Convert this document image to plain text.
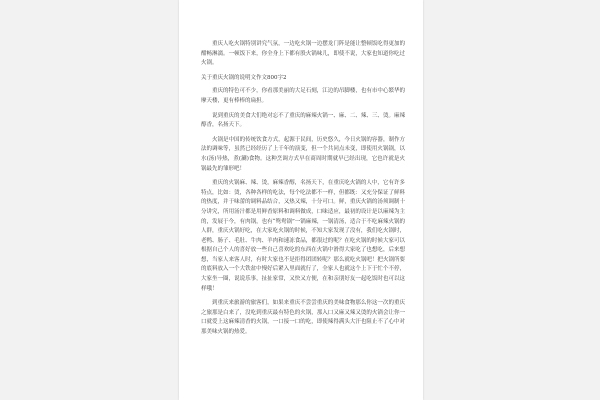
重庆人吃火锅特别讲究气氛，一边吃火锅一边摆龙门阵是能让整顿饭吃得更加的酣畅淋漓。一顿饭下来，你全身上下都有股火锅味儿，即使不说，大家也知道你吃过火锅。

关于重庆火锅的说明文作文800字2

重庆的特色可不少，你看那美丽的大足石刻，江边的吊脚楼，也有市中心繁华的摩天楼，更有棒棒的扁担。

说到重庆的美食大们绝对忘不了重庆的麻辣火锅一、麻、二、辣、三、烫。麻辣醇香，名扬天下。

火锅是中国的传统饮食方式，起源于民间，历史悠久，今日火锅的容器，制作方法的调味等，虽然已经经历了上千年的演变，但一个共同点未变，即使用火锅锅，以水(汤)导热，煮(涮)食物。这种烹调方式早在商周时期就早已经出现，它也许就是火锅最先的雏形吧！

重庆的火锅麻、辣、烫，麻辣香醇，名扬天下，在重庆吃火锅的人中，它有许多特点，比如：烫，各种各样的吃法，每个吃法都不一样，但都既：又充分保证了鲜料的热度，并于味蕾的调料品结合，又热又辣，十分可口。鲜，重庆火锅的汤须调制十分讲究，所用汤汁都是用鲜香原料和调料做成，口味适应，最初的设计是以麻辣为主的，发展于今，有肉锅，也有“鸳鸯锅”一锅麻辣，一锅清汤，适合于不吃麻辣火锅的人群，重庆火锅好吃，在大家吃火锅的时候，不知大家发现了没有，我们吃火锅时，老鸭、肠子、毛肚、牛肉、羊肉和速冻食品，都很过的呢？在吃火锅的时候大家可以根据自己个人的喜好放一些自己喜欢吃的东西在火锅中滑得大家吃了也想吃，后来想想，当家人来客人时，有时大家也不是拒得团团转呢？那么就吃火锅吧！把火锅所要的底料放入一个大铁盆中慢好后紧入里面就行了，全家人也就这个上下于忙个不停，大家坐一圈，说说乐事，扯扯家常，又快又方便，在和亲朋好友一起吃饭时也可以这样哦！

到重庆来旅游的旅客们，如果来重庆不尝尝重庆的美味食物那么你这一次的重庆之旅那是白来了，没吃到重庆最有特色的火锅，那入口又麻又辣又烫的火锅会让你一口就爱上这麻辣清香的火锅，一口接一口的吃，即使辣得满头大汗也阻止不了心中对那美味火锅的热爱。
